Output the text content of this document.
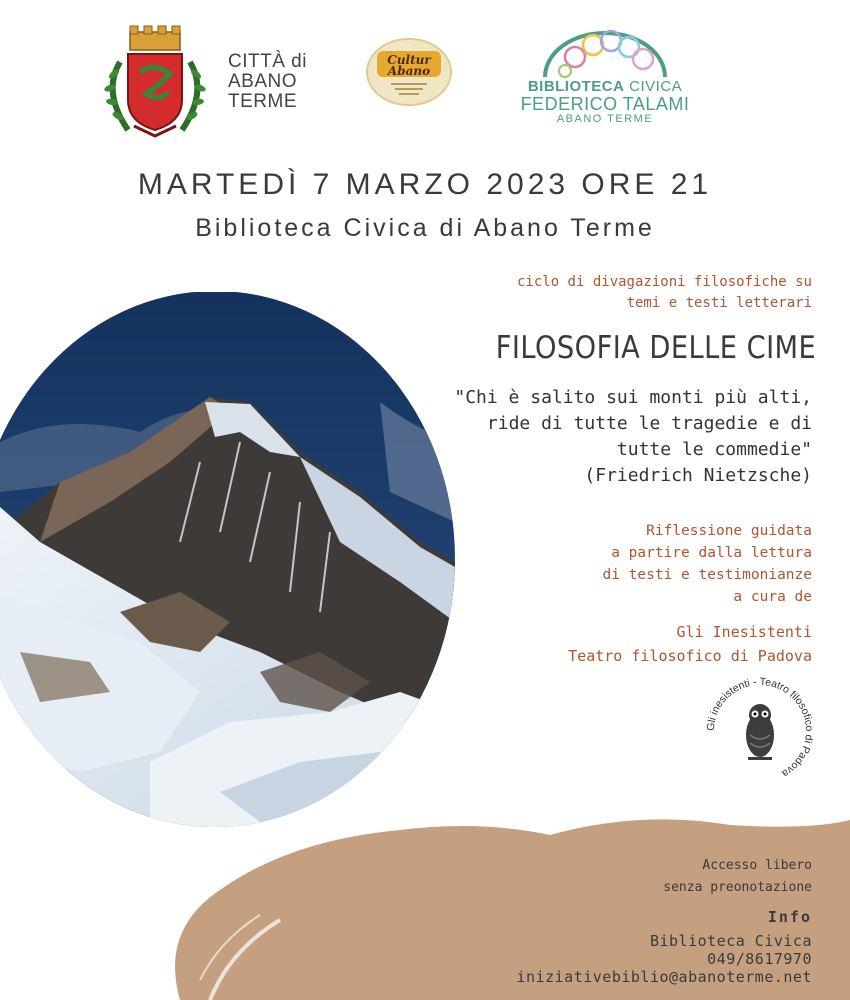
CITTÀ di
ABANO
TERME
Cultur
Abano
BIBLIOTECA CIVICA
FEDERICO TALAMI
ABANO TERME
MARTEDÌ 7 MARZO 2023 ORE 21
Biblioteca Civica di Abano Terme
ciclo di divagazioni filosofiche su
temi e testi letterari
FILOSOFIA DELLE CIME
"Chi è salito sui monti più alti,
ride di tutte le tragedie e di
tutte le commedie"
(Friedrich Nietzsche)
Riflessione guidata
a partire dalla lettura
di testi e testimonianze
a cura de
Gli Inesistenti
Teatro filosofico di Padova
Gli inesistenti - Teatro filosofico di Padova
Accesso libero
senza preonotazione
Info
Biblioteca Civica
049/8617970
iniziativebiblio@abanoterme.net
